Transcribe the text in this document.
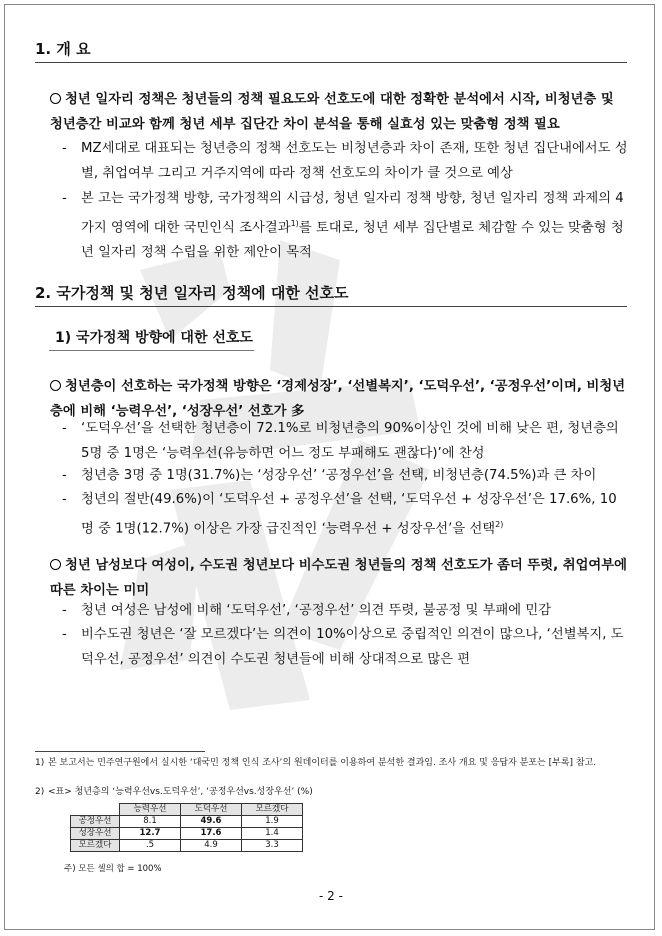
1. 개 요
청년 일자리 정책은 청년들의 정책 필요도와 선호도에 대한 정확한 분석에서 시작, 비청년층 및 청년층간 비교와 함께 청년 세부 집단간 차이 분석을 통해 실효성 있는 맞춤형 정책 필요
-	MZ세대로 대표되는 청년층의 정책 선호도는 비청년층과 차이 존재, 또한 청년 집단내에서도 성별, 취업여부 그리고 거주지역에 따라 정책 선호도의 차이가 클 것으로 예상
-	본 고는 국가정책 방향, 국가정책의 시급성, 청년 일자리 정책 방향, 청년 일자리 정책 과제의 4가지 영역에 대한 국민인식 조사결과$^{1)}$를 토대로, 청년 세부 집단별로 체감할 수 있는 맞춤형 청년 일자리 정책 수립을 위한 제안이 목적
2. 국가정책 및 청년 일자리 정책에 대한 선호도
1) 국가정책 방향에 대한 선호도
청년층이 선호하는 국가정책 방향은 ‘경제성장’, ‘선별복지’, ‘도덕우선’, ‘공정우선’이며, 비청년층에 비해 ‘능력우선’, ‘성장우선’ 선호가 多
-	‘도덕우선’을 선택한 청년층이 72.1%로 비청년층의 90%이상인 것에 비해 낮은 편, 청년층의 5명 중 1명은 ‘능력우선(유능하면 어느 정도 부패해도 괜찮다)’에 찬성
-	청년층 3명 중 1명(31.7%)는 ‘성장우선’ ‘공정우선’을 선택, 비청년층(74.5%)과 큰 차이
-	청년의 절반(49.6%)이 ‘도덕우선 + 공정우선’을 선택, ‘도덕우선 + 성장우선’은 17.6%, 10명 중 1명(12.7%) 이상은 가장 급진적인 ‘능력우선 + 성장우선’을 선택$^{2)}$
청년 남성보다 여성이, 수도권 청년보다 비수도권 청년들의 정책 선호도가 좀더 뚜렷, 취업여부에 따른 차이는 미미
-	청년 여성은 남성에 비해 ‘도덕우선’, ‘공정우선’ 의견 뚜렷, 불공정 및 부패에 민감
-	비수도권 청년은 ‘잘 모르겠다’는 의견이 10%이상으로 중립적인 의견이 많으나, ‘선별복지, 도덕우선, 공정우선’ 의견이 수도권 청년들에 비해 상대적으로 많은 편
1) 본 보고서는 민주연구원에서 실시한 ‘대국민 정책 인식 조사’의 원데이터를 이용하여 분석한 결과임. 조사 개요 및 응답자 분포는 [부록] 참고.
2) <표> 청년층의 ‘능력우선vs.도덕우선’, ‘공정우선vs.성장우선’ (%)
	능력우선	도덕우선	모르겠다
공정우선	8.1	49.6	1.9
성장우선	12.7	17.6	1.4
모르겠다	.5	4.9	3.3
주) 모든 셀의 합 = 100%
- 2 -
